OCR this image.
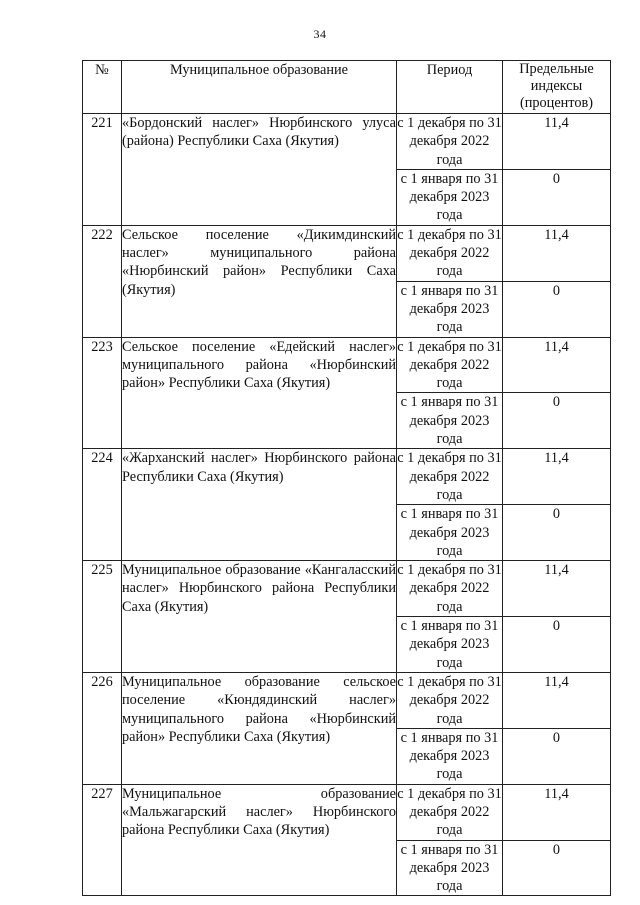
34
№	Муниципальное образование	Период	Предельные индексы (процентов)
221	«Бордонский наслег» Нюрбинского улуса (района) Республики Саха (Якутия)	с 1 декабря по 31 декабря 2022 года	11,4
		с 1 января по 31 декабря 2023 года	0
222	Сельское поселение «Дикимдинский наслег» муниципального района «Нюрбинский район» Республики Саха (Якутия)	с 1 декабря по 31 декабря 2022 года	11,4
		с 1 января по 31 декабря 2023 года	0
223	Сельское поселение «Едейский наслег» муниципального района «Нюрбинский район» Республики Саха (Якутия)	с 1 декабря по 31 декабря 2022 года	11,4
		с 1 января по 31 декабря 2023 года	0
224	«Жарханский наслег» Нюрбинского района Республики Саха (Якутия)	с 1 декабря по 31 декабря 2022 года	11,4
		с 1 января по 31 декабря 2023 года	0
225	Муниципальное образование «Кангаласский наслег» Нюрбинского района Республики Саха (Якутия)	с 1 декабря по 31 декабря 2022 года	11,4
		с 1 января по 31 декабря 2023 года	0
226	Муниципальное образование сельское поселение «Кюндядинский наслег» муниципального района «Нюрбинский район» Республики Саха (Якутия)	с 1 декабря по 31 декабря 2022 года	11,4
		с 1 января по 31 декабря 2023 года	0
227	Муниципальное образование «Мальжагарский наслег» Нюрбинского района Республики Саха (Якутия)	с 1 декабря по 31 декабря 2022 года	11,4
		с 1 января по 31 декабря 2023 года	0
